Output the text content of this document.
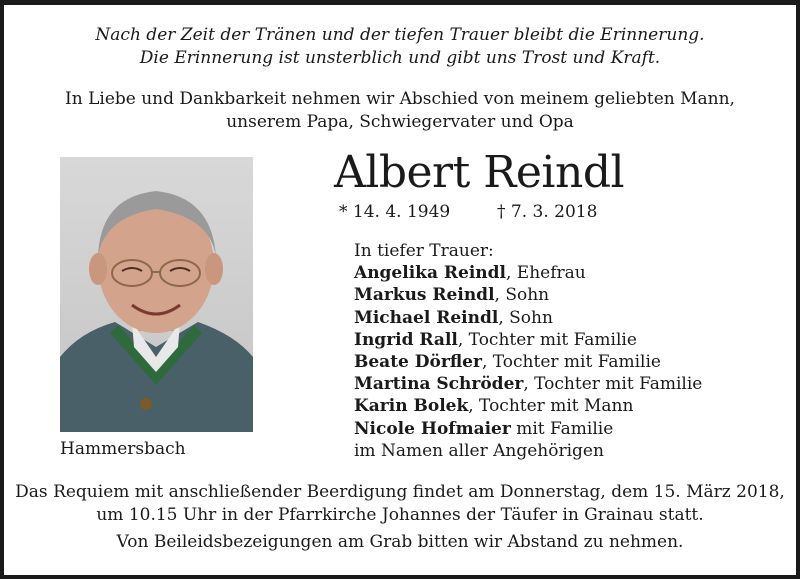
Nach der Zeit der Tränen und der tiefen Trauer bleibt die Erinnerung.
Die Erinnerung ist unsterblich und gibt uns Trost und Kraft.
In Liebe und Dankbarkeit nehmen wir Abschied von meinem geliebten Mann,
unserem Papa, Schwiegervater und Opa
Hammersbach
Albert Reindl
* 14. 4. 1949	† 7. 3. 2018
In tiefer Trauer:
Angelika Reindl, Ehefrau
Markus Reindl, Sohn
Michael Reindl, Sohn
Ingrid Rall, Tochter mit Familie
Beate Dörfler, Tochter mit Familie
Martina Schröder, Tochter mit Familie
Karin Bolek, Tochter mit Mann
Nicole Hofmaier mit Familie
im Namen aller Angehörigen
Das Requiem mit anschließender Beerdigung findet am Donnerstag, dem 15. März 2018,
um 10.15 Uhr in der Pfarrkirche Johannes der Täufer in Grainau statt.
Von Beileidsbezeigungen am Grab bitten wir Abstand zu nehmen.
